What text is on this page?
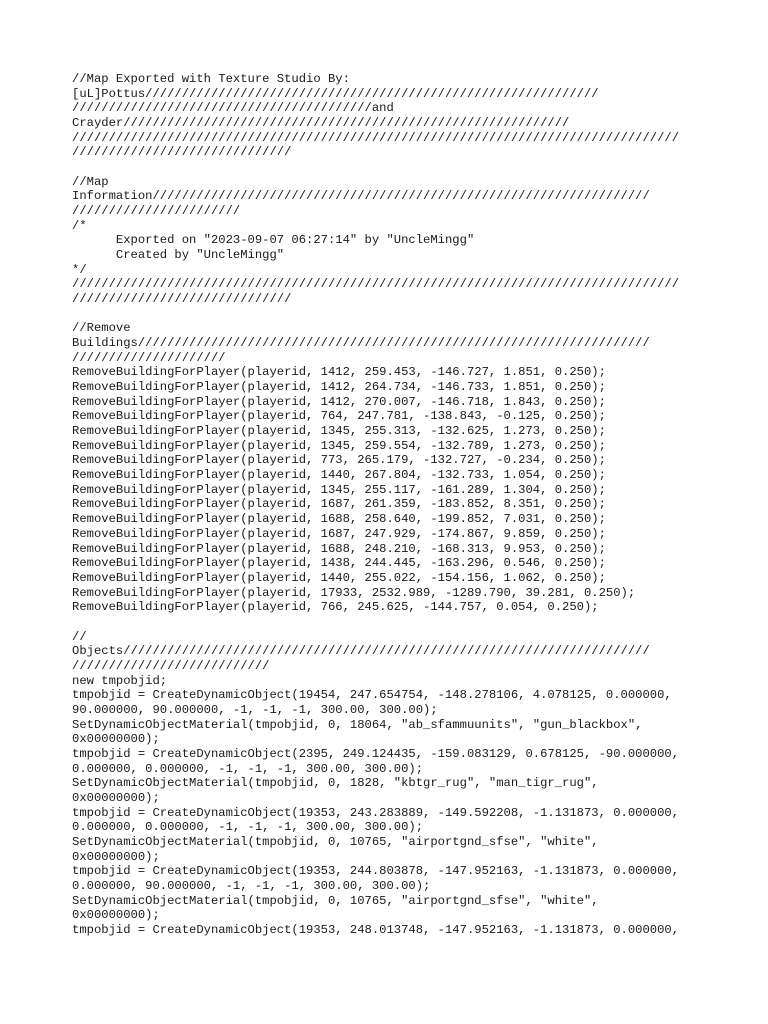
//Map Exported with Texture Studio By:
[uL]Pottus//////////////////////////////////////////////////////////////
/////////////////////////////////////////and
Crayder/////////////////////////////////////////////////////////////
///////////////////////////////////////////////////////////////////////////////////
//////////////////////////////
//Map
Information////////////////////////////////////////////////////////////////////
///////////////////////
/*
Exported on "2023-09-07 06:27:14" by "UncleMingg"
Created by "UncleMingg"
*/
///////////////////////////////////////////////////////////////////////////////////
//////////////////////////////
//Remove
Buildings//////////////////////////////////////////////////////////////////////
/////////////////////
RemoveBuildingForPlayer(playerid, 1412, 259.453, -146.727, 1.851, 0.250);
RemoveBuildingForPlayer(playerid, 1412, 264.734, -146.733, 1.851, 0.250);
RemoveBuildingForPlayer(playerid, 1412, 270.007, -146.718, 1.843, 0.250);
RemoveBuildingForPlayer(playerid, 764, 247.781, -138.843, -0.125, 0.250);
RemoveBuildingForPlayer(playerid, 1345, 255.313, -132.625, 1.273, 0.250);
RemoveBuildingForPlayer(playerid, 1345, 259.554, -132.789, 1.273, 0.250);
RemoveBuildingForPlayer(playerid, 773, 265.179, -132.727, -0.234, 0.250);
RemoveBuildingForPlayer(playerid, 1440, 267.804, -132.733, 1.054, 0.250);
RemoveBuildingForPlayer(playerid, 1345, 255.117, -161.289, 1.304, 0.250);
RemoveBuildingForPlayer(playerid, 1687, 261.359, -183.852, 8.351, 0.250);
RemoveBuildingForPlayer(playerid, 1688, 258.640, -199.852, 7.031, 0.250);
RemoveBuildingForPlayer(playerid, 1687, 247.929, -174.867, 9.859, 0.250);
RemoveBuildingForPlayer(playerid, 1688, 248.210, -168.313, 9.953, 0.250);
RemoveBuildingForPlayer(playerid, 1438, 244.445, -163.296, 0.546, 0.250);
RemoveBuildingForPlayer(playerid, 1440, 255.022, -154.156, 1.062, 0.250);
RemoveBuildingForPlayer(playerid, 17933, 2532.989, -1289.790, 39.281, 0.250);
RemoveBuildingForPlayer(playerid, 766, 245.625, -144.757, 0.054, 0.250);
//
Objects////////////////////////////////////////////////////////////////////////
///////////////////////////
new tmpobjid;
tmpobjid = CreateDynamicObject(19454, 247.654754, -148.278106, 4.078125, 0.000000,
90.000000, 90.000000, -1, -1, -1, 300.00, 300.00);
SetDynamicObjectMaterial(tmpobjid, 0, 18064, "ab_sfammuunits", "gun_blackbox",
0x00000000);
tmpobjid = CreateDynamicObject(2395, 249.124435, -159.083129, 0.678125, -90.000000,
0.000000, 0.000000, -1, -1, -1, 300.00, 300.00);
SetDynamicObjectMaterial(tmpobjid, 0, 1828, "kbtgr_rug", "man_tigr_rug",
0x00000000);
tmpobjid = CreateDynamicObject(19353, 243.283889, -149.592208, -1.131873, 0.000000,
0.000000, 0.000000, -1, -1, -1, 300.00, 300.00);
SetDynamicObjectMaterial(tmpobjid, 0, 10765, "airportgnd_sfse", "white",
0x00000000);
tmpobjid = CreateDynamicObject(19353, 244.803878, -147.952163, -1.131873, 0.000000,
0.000000, 90.000000, -1, -1, -1, 300.00, 300.00);
SetDynamicObjectMaterial(tmpobjid, 0, 10765, "airportgnd_sfse", "white",
0x00000000);
tmpobjid = CreateDynamicObject(19353, 248.013748, -147.952163, -1.131873, 0.000000,
